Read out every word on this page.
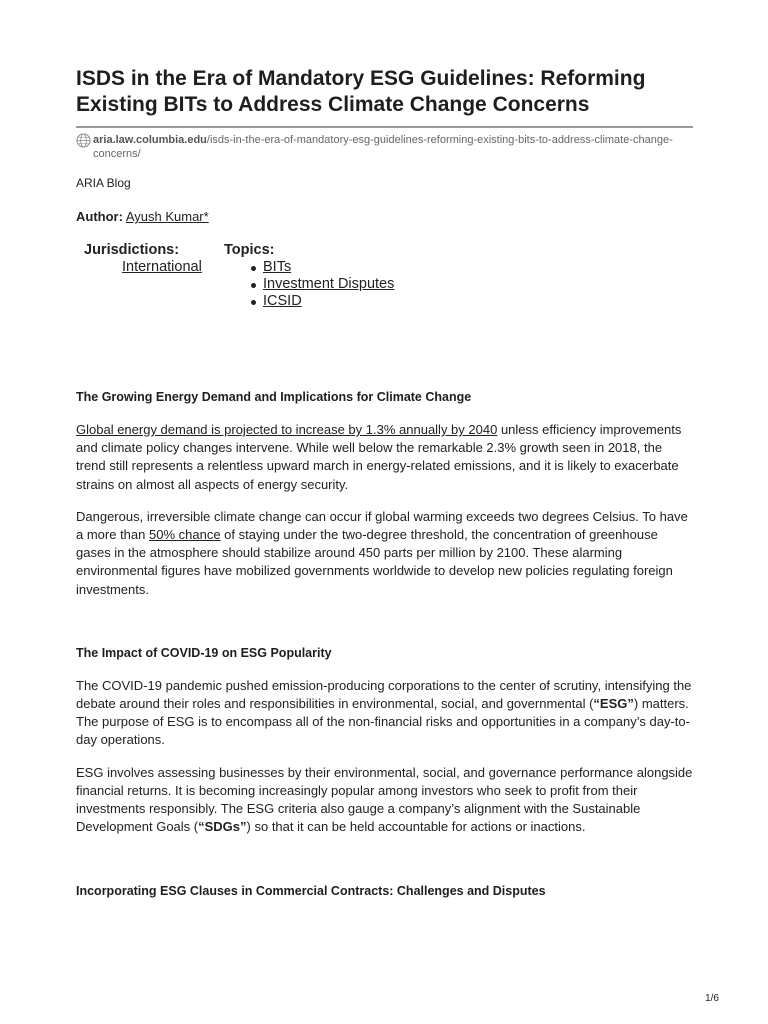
ISDS in the Era of Mandatory ESG Guidelines: Reforming Existing BITs to Address Climate Change Concerns
aria.law.columbia.edu/isds-in-the-era-of-mandatory-esg-guidelines-reforming-existing-bits-to-address-climate-change-concerns/
ARIA Blog
Author: Ayush Kumar*
Jurisdictions:
International
Topics:
BITs
Investment Disputes
ICSID
The Growing Energy Demand and Implications for Climate Change

Global energy demand is projected to increase by 1.3% annually by 2040 unless efficiency improvements and climate policy changes intervene. While well below the remarkable 2.3% growth seen in 2018, the trend still represents a relentless upward march in energy-related emissions, and it is likely to exacerbate strains on almost all aspects of energy security.

Dangerous, irreversible climate change can occur if global warming exceeds two degrees Celsius. To have a more than 50% chance of staying under the two-degree threshold, the concentration of greenhouse gases in the atmosphere should stabilize around 450 parts per million by 2100. These alarming environmental figures have mobilized governments worldwide to develop new policies regulating foreign investments.

The Impact of COVID-19 on ESG Popularity

The COVID-19 pandemic pushed emission-producing corporations to the center of scrutiny, intensifying the debate around their roles and responsibilities in environmental, social, and governmental (“ESG”) matters. The purpose of ESG is to encompass all of the non-financial risks and opportunities in a company’s day-to-day operations.

ESG involves assessing businesses by their environmental, social, and governance performance alongside financial returns. It is becoming increasingly popular among investors who seek to profit from their investments responsibly. The ESG criteria also gauge a company’s alignment with the Sustainable Development Goals (“SDGs”) so that it can be held accountable for actions or inactions.

Incorporating ESG Clauses in Commercial Contracts: Challenges and Disputes
1/6
